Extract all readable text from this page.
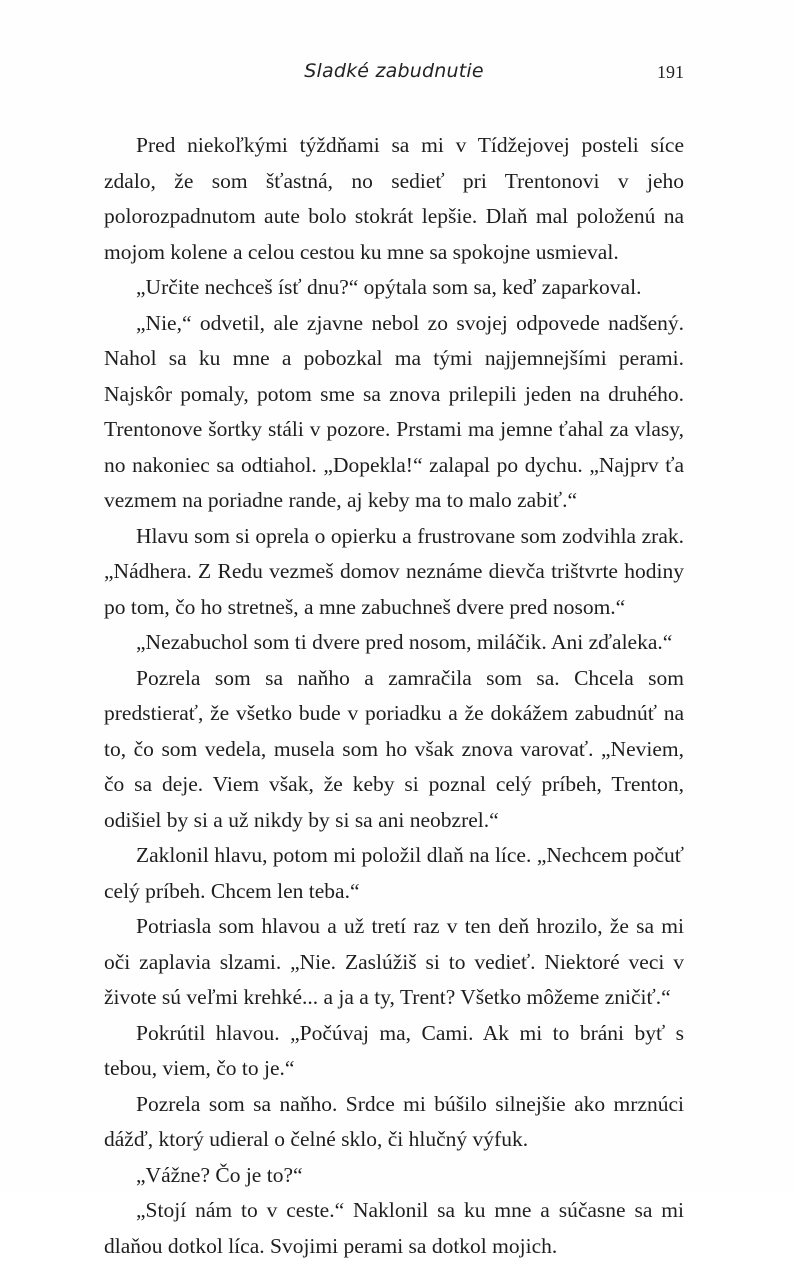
Sladké zabudnutie	191

Pred niekoľkými týždňami sa mi v Tídžejovej posteli síce zdalo, že som šťastná, no sedieť pri Trentonovi v jeho polorozpadnutom aute bolo stokrát lepšie. Dlaň mal položenú na mojom kolene a celou cestou ku mne sa spokojne usmieval.

„Určite nechceš ísť dnu?“ opýtala som sa, keď zaparkoval.

„Nie,“ odvetil, ale zjavne nebol zo svojej odpovede nadšený. Nahol sa ku mne a pobozkal ma tými najjemnejšími perami. Najskôr pomaly, potom sme sa znova prilepili jeden na druhého. Trentonove šortky stáli v pozore. Prstami ma jemne ťahal za vlasy, no nakoniec sa odtiahol. „Dopekla!“ zalapal po dychu. „Najprv ťa vezmem na poriadne rande, aj keby ma to malo zabiť.“

Hlavu som si oprela o opierku a frustrovane som zodvihla zrak. „Nádhera. Z Redu vezmeš domov neznáme dievča trištvrte hodiny po tom, čo ho stretneš, a mne zabuchneš dvere pred nosom.“

„Nezabuchol som ti dvere pred nosom, miláčik. Ani zďaleka.“

Pozrela som sa naňho a zamračila som sa. Chcela som predstierať, že všetko bude v poriadku a že dokážem zabudnúť na to, čo som vedela, musela som ho však znova varovať. „Neviem, čo sa deje. Viem však, že keby si poznal celý príbeh, Trenton, odišiel by si a už nikdy by si sa ani neobzrel.“

Zaklonil hlavu, potom mi položil dlaň na líce. „Nechcem počuť celý príbeh. Chcem len teba.“

Potriasla som hlavou a už tretí raz v ten deň hrozilo, že sa mi oči zaplavia slzami. „Nie. Zaslúžiš si to vedieť. Niektoré veci v živote sú veľmi krehké... a ja a ty, Trent? Všetko môžeme zničiť.“

Pokrútil hlavou. „Počúvaj ma, Cami. Ak mi to bráni byť s tebou, viem, čo to je.“

Pozrela som sa naňho. Srdce mi búšilo silnejšie ako mrznúci dážď, ktorý udieral o čelné sklo, či hlučný výfuk.

„Vážne? Čo je to?“

„Stojí nám to v ceste.“ Naklonil sa ku mne a súčasne sa mi dlaňou dotkol líca. Svojimi perami sa dotkol mojich.
